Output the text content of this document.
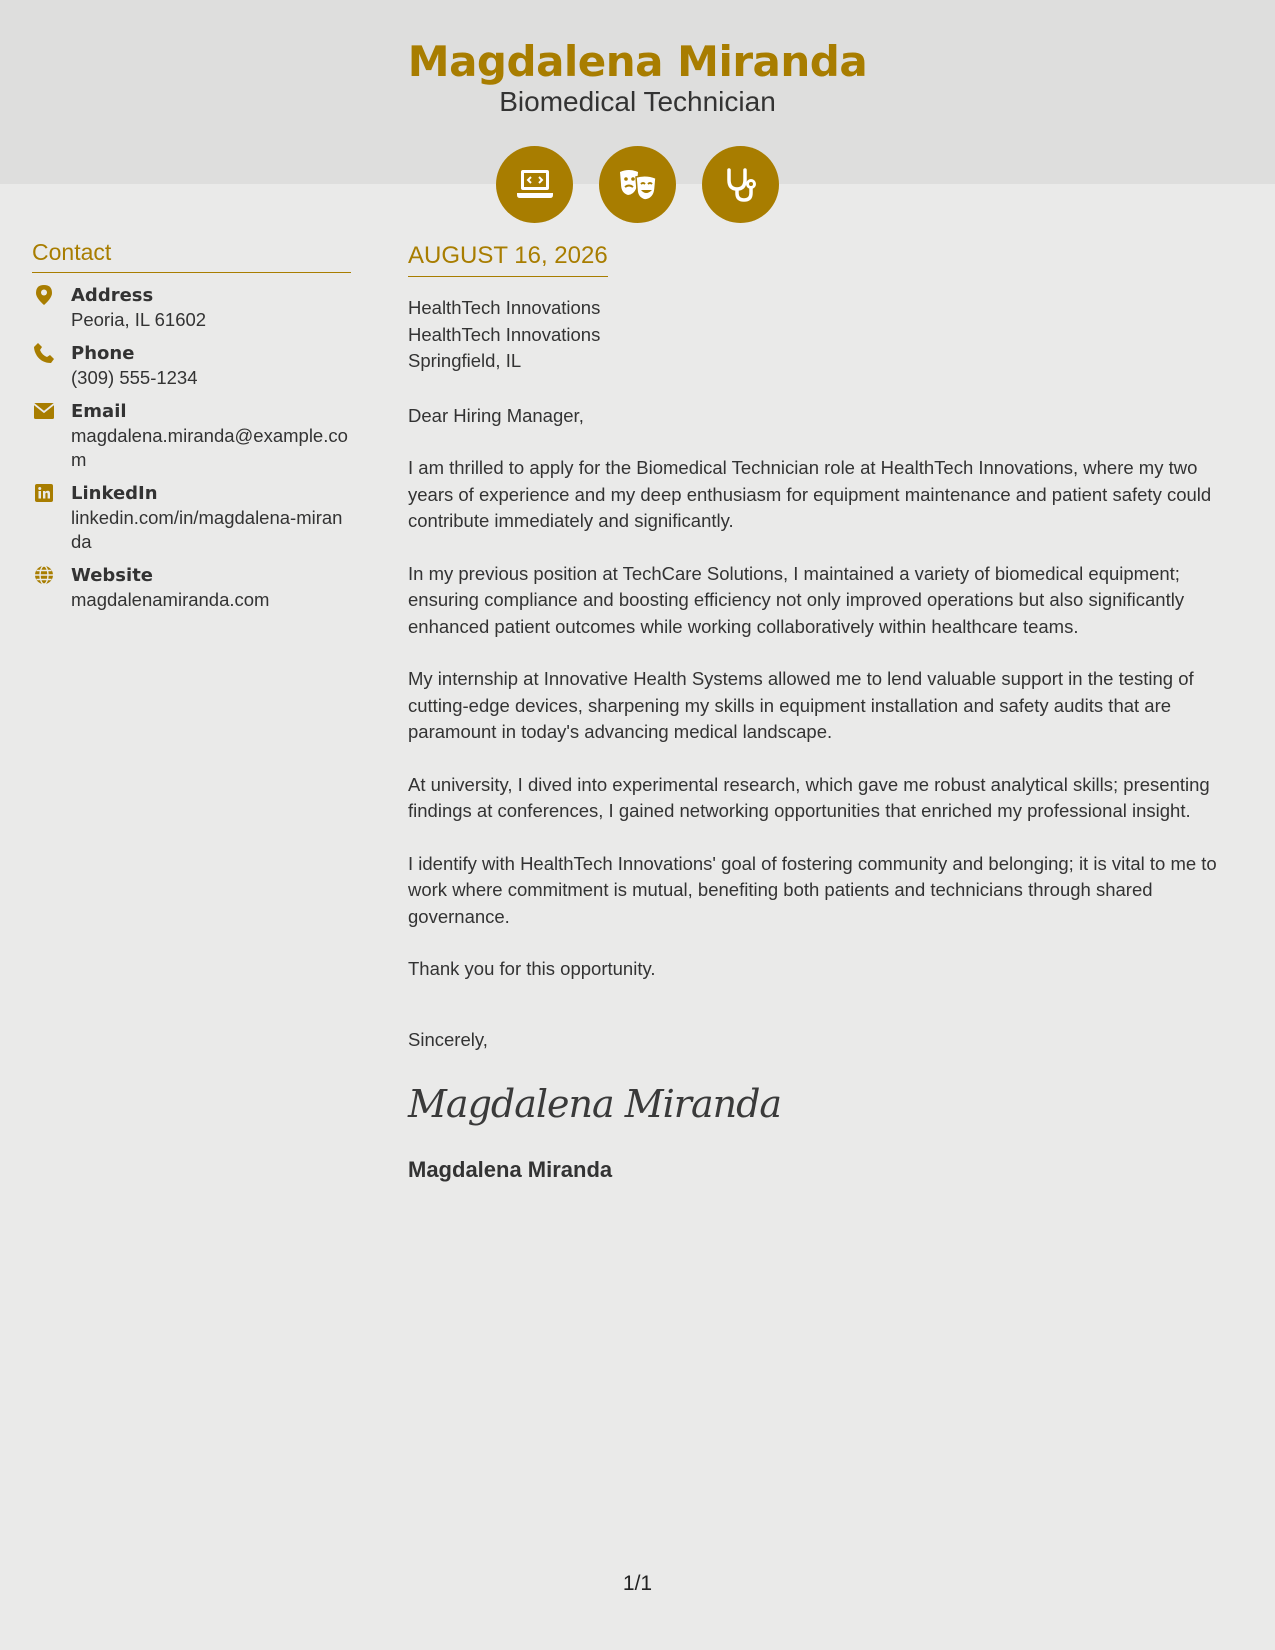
Magdalena Miranda
Biomedical Technician
Contact
Address
Peoria, IL 61602
Phone
(309) 555-1234
Email
magdalena.miranda@example.com
LinkedIn
linkedin.com/in/magdalena-miranda
Website
magdalenamiranda.com
AUGUST 16, 2026
HealthTech Innovations
HealthTech Innovations
Springfield, IL

Dear Hiring Manager,

I am thrilled to apply for the Biomedical Technician role at HealthTech Innovations, where my two years of experience and my deep enthusiasm for equipment maintenance and patient safety could contribute immediately and significantly.

In my previous position at TechCare Solutions, I maintained a variety of biomedical equipment; ensuring compliance and boosting efficiency not only improved operations but also significantly enhanced patient outcomes while working collaboratively within healthcare teams.

My internship at Innovative Health Systems allowed me to lend valuable support in the testing of cutting-edge devices, sharpening my skills in equipment installation and safety audits that are paramount in today's advancing medical landscape.

At university, I dived into experimental research, which gave me robust analytical skills; presenting findings at conferences, I gained networking opportunities that enriched my professional insight.

I identify with HealthTech Innovations' goal of fostering community and belonging; it is vital to me to work where commitment is mutual, benefiting both patients and technicians through shared governance.

Thank you for this opportunity.

Sincerely,

Magdalena Miranda
Magdalena Miranda
1/1
